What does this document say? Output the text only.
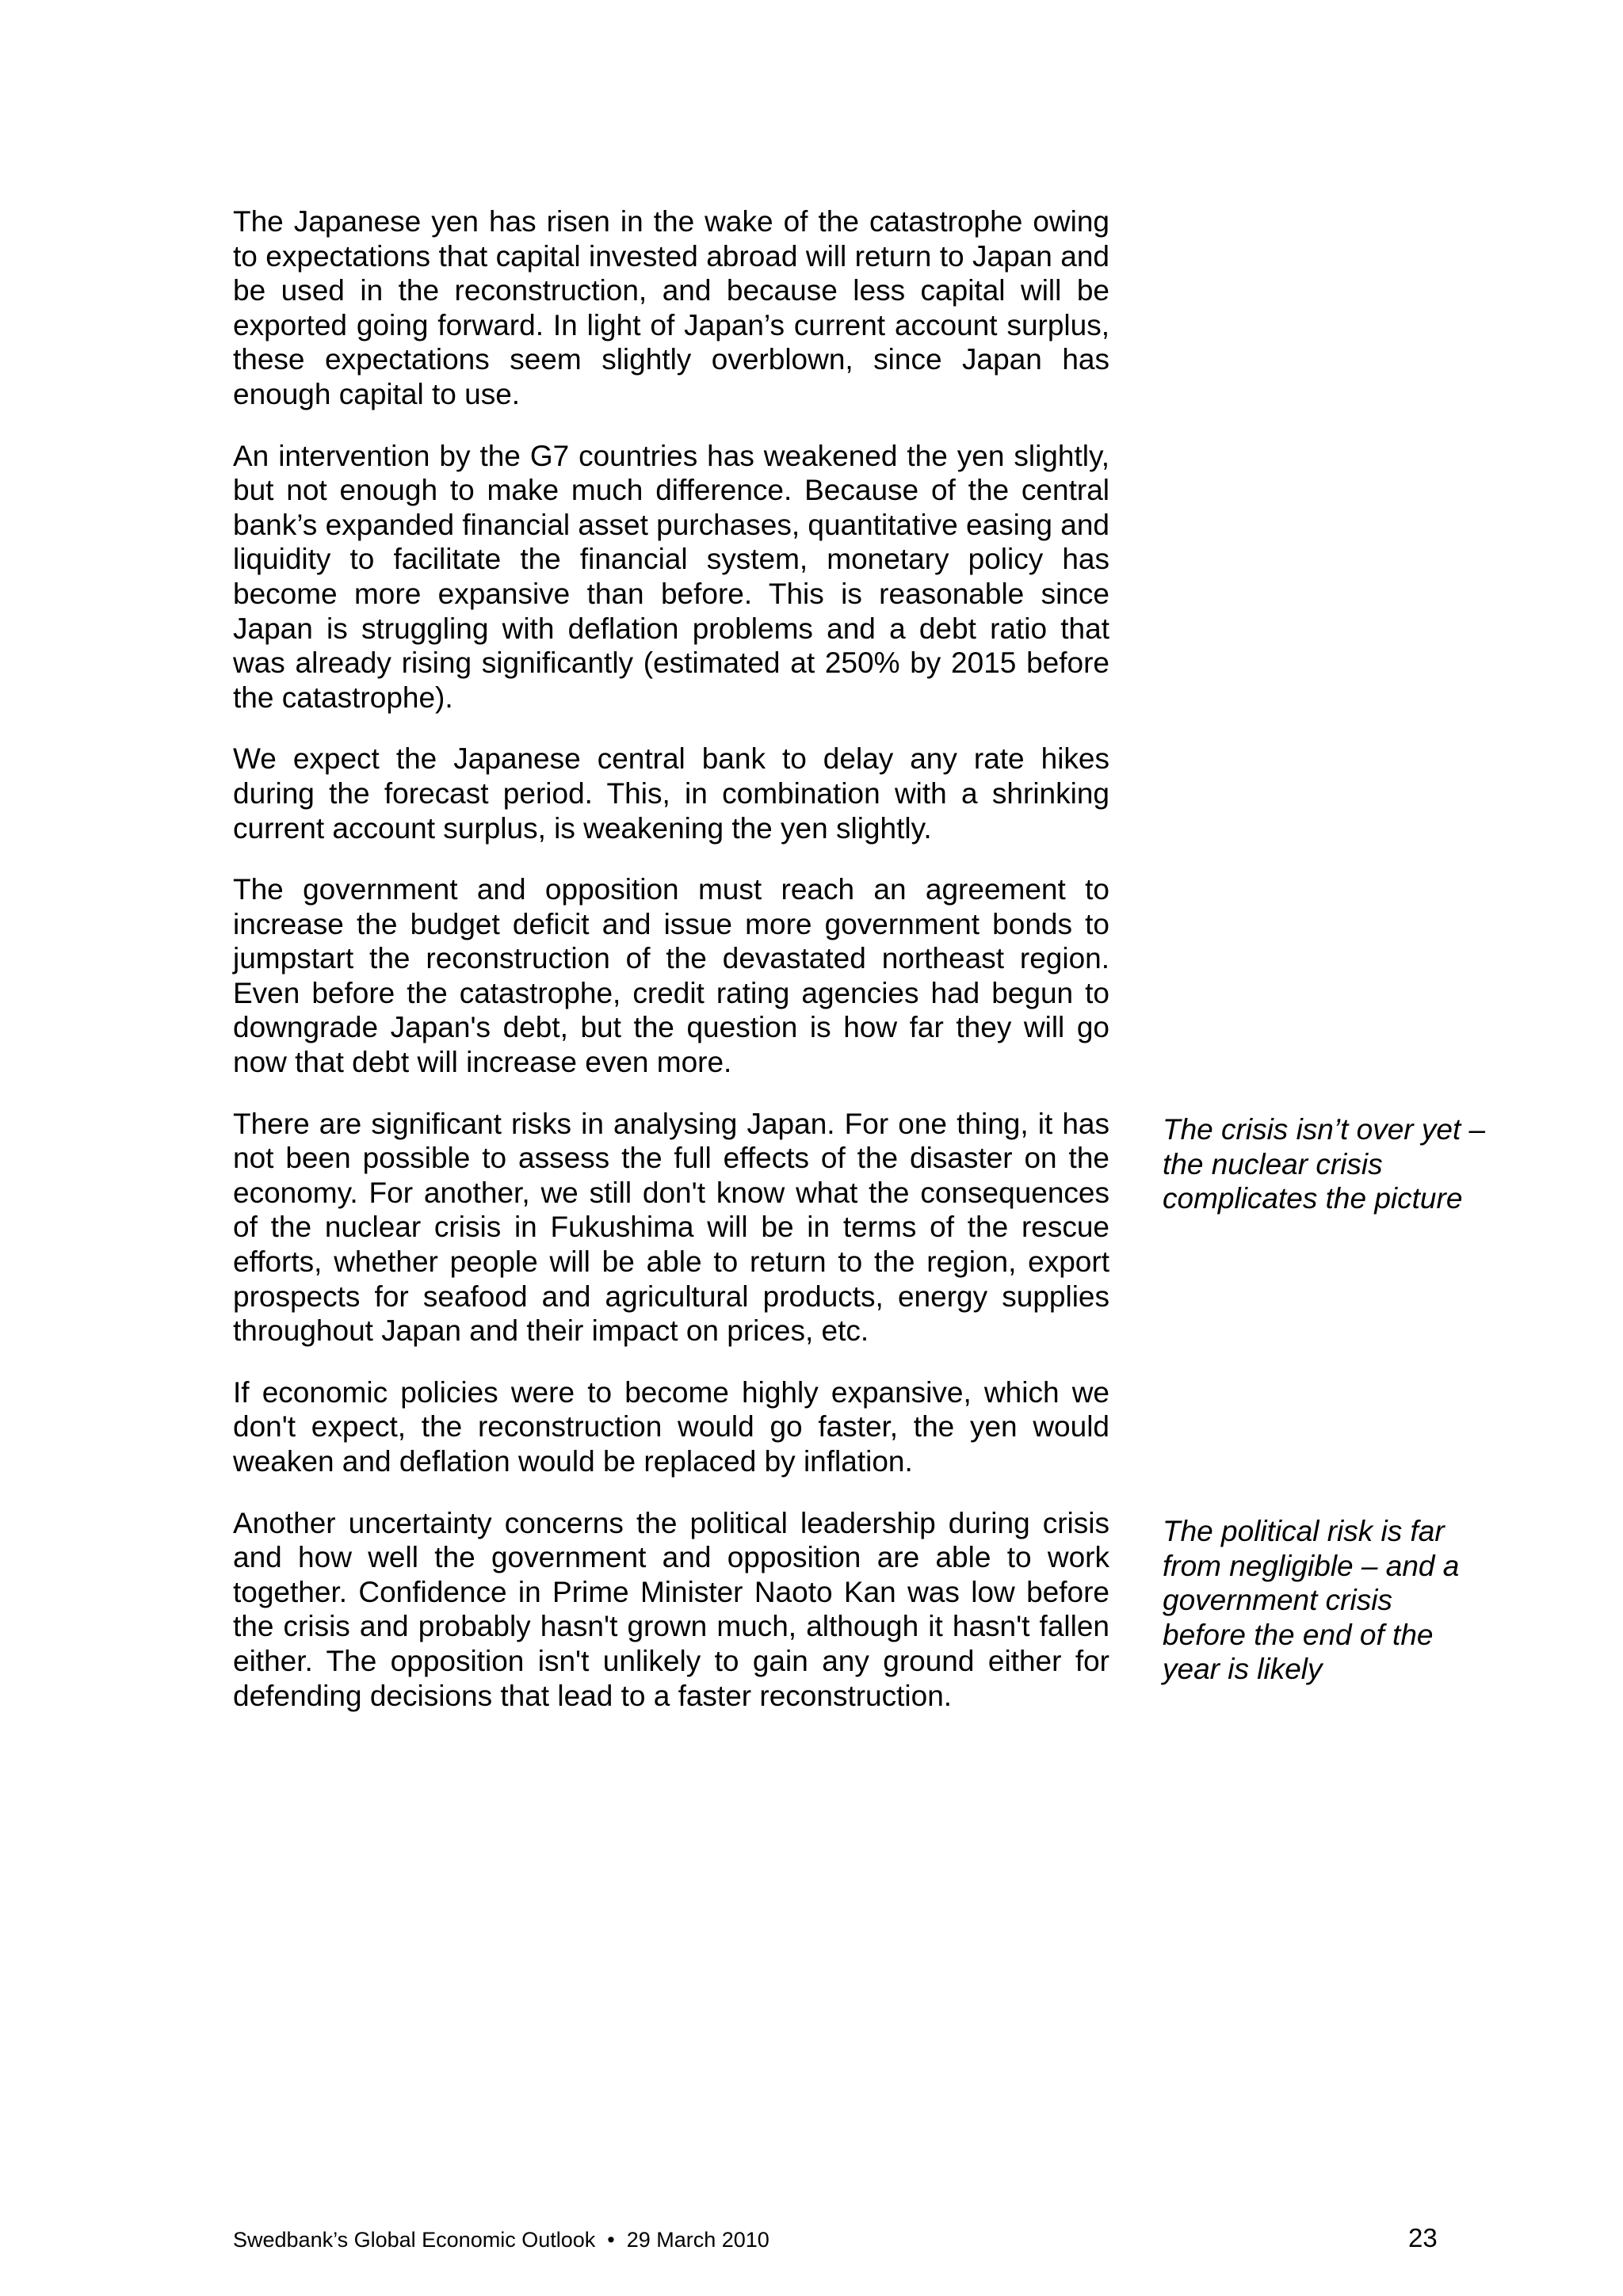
The Japanese yen has risen in the wake of the catastrophe owing to expectations that capital invested abroad will return to Japan and be used in the reconstruction, and because less capital will be exported going forward. In light of Japan’s current account surplus, these expectations seem slightly overblown, since Japan has enough capital to use.

An intervention by the G7 countries has weakened the yen slightly, but not enough to make much difference. Because of the central bank’s expanded financial asset purchases, quantitative easing and liquidity to facilitate the financial system, monetary policy has become more expansive than before. This is reasonable since Japan is struggling with deflation problems and a debt ratio that was already rising significantly (estimated at 250% by 2015 before the catastrophe).

We expect the Japanese central bank to delay any rate hikes during the forecast period. This, in combination with a shrinking current account surplus, is weakening the yen slightly.

The government and opposition must reach an agreement to increase the budget deficit and issue more government bonds to jumpstart the reconstruction of the devastated northeast region. Even before the catastrophe, credit rating agencies had begun to downgrade Japan's debt, but the question is how far they will go now that debt will increase even more.

There are significant risks in analysing Japan. For one thing, it has not been possible to assess the full effects of the disaster on the economy. For another, we still don't know what the consequences of the nuclear crisis in Fukushima will be in terms of the rescue efforts, whether people will be able to return to the region, export prospects for seafood and agricultural products, energy supplies throughout Japan and their impact on prices, etc.

If economic policies were to become highly expansive, which we don't expect, the reconstruction would go faster, the yen would weaken and deflation would be replaced by inflation.

Another uncertainty concerns the political leadership during crisis and how well the government and opposition are able to work together. Confidence in Prime Minister Naoto Kan was low before the crisis and probably hasn't grown much, although it hasn't fallen either. The opposition isn't unlikely to gain any ground either for defending decisions that lead to a faster reconstruction.

The crisis isn’t over yet – the nuclear crisis complicates the picture
The political risk is far from negligible – and a government crisis before the end of the year is likely
Swedbank’s Global Economic Outlook  •  29 March 2010	23
